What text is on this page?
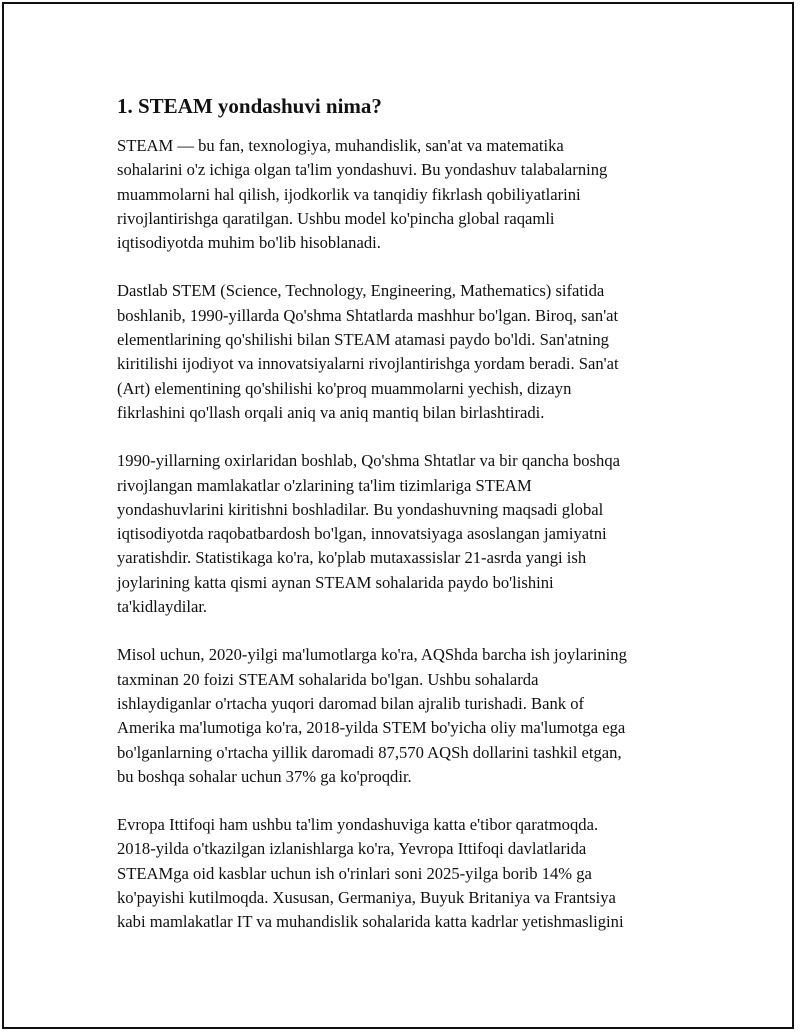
1. STEAM yondashuvi nima?
STEAM — bu fan, texnologiya, muhandislik, san'at va matematika
sohalarini o'z ichiga olgan ta'lim yondashuvi. Bu yondashuv talabalarning
muammolarni hal qilish, ijodkorlik va tanqidiy fikrlash qobiliyatlarini
rivojlantirishga qaratilgan. Ushbu model ko'pincha global raqamli
iqtisodiyotda muhim bo'lib hisoblanadi.
Dastlab STEM (Science, Technology, Engineering, Mathematics) sifatida
boshlanib, 1990-yillarda Qo'shma Shtatlarda mashhur bo'lgan. Biroq, san'at
elementlarining qo'shilishi bilan STEAM atamasi paydo bo'ldi. San'atning
kiritilishi ijodiyot va innovatsiyalarni rivojlantirishga yordam beradi. San'at
(Art) elementining qo'shilishi ko'proq muammolarni yechish, dizayn
fikrlashini qo'llash orqali aniq va aniq mantiq bilan birlashtiradi.
1990-yillarning oxirlaridan boshlab, Qo'shma Shtatlar va bir qancha boshqa
rivojlangan mamlakatlar o'zlarining ta'lim tizimlariga STEAM
yondashuvlarini kiritishni boshladilar. Bu yondashuvning maqsadi global
iqtisodiyotda raqobatbardosh bo'lgan, innovatsiyaga asoslangan jamiyatni
yaratishdir. Statistikaga ko'ra, ko'plab mutaxassislar 21-asrda yangi ish
joylarining katta qismi aynan STEAM sohalarida paydo bo'lishini
ta'kidlaydilar.
Misol uchun, 2020-yilgi ma'lumotlarga ko'ra, AQShda barcha ish joylarining
taxminan 20 foizi STEAM sohalarida bo'lgan. Ushbu sohalarda
ishlaydiganlar o'rtacha yuqori daromad bilan ajralib turishadi. Bank of
Amerika ma'lumotiga ko'ra, 2018-yilda STEM bo'yicha oliy ma'lumotga ega
bo'lganlarning o'rtacha yillik daromadi 87,570 AQSh dollarini tashkil etgan,
bu boshqa sohalar uchun 37% ga ko'proqdir.
Evropa Ittifoqi ham ushbu ta'lim yondashuviga katta e'tibor qaratmoqda.
2018-yilda o'tkazilgan izlanishlarga ko'ra, Yevropa Ittifoqi davlatlarida
STEAMga oid kasblar uchun ish o'rinlari soni 2025-yilga borib 14% ga
ko'payishi kutilmoqda. Xususan, Germaniya, Buyuk Britaniya va Frantsiya
kabi mamlakatlar IT va muhandislik sohalarida katta kadrlar yetishmasligini
